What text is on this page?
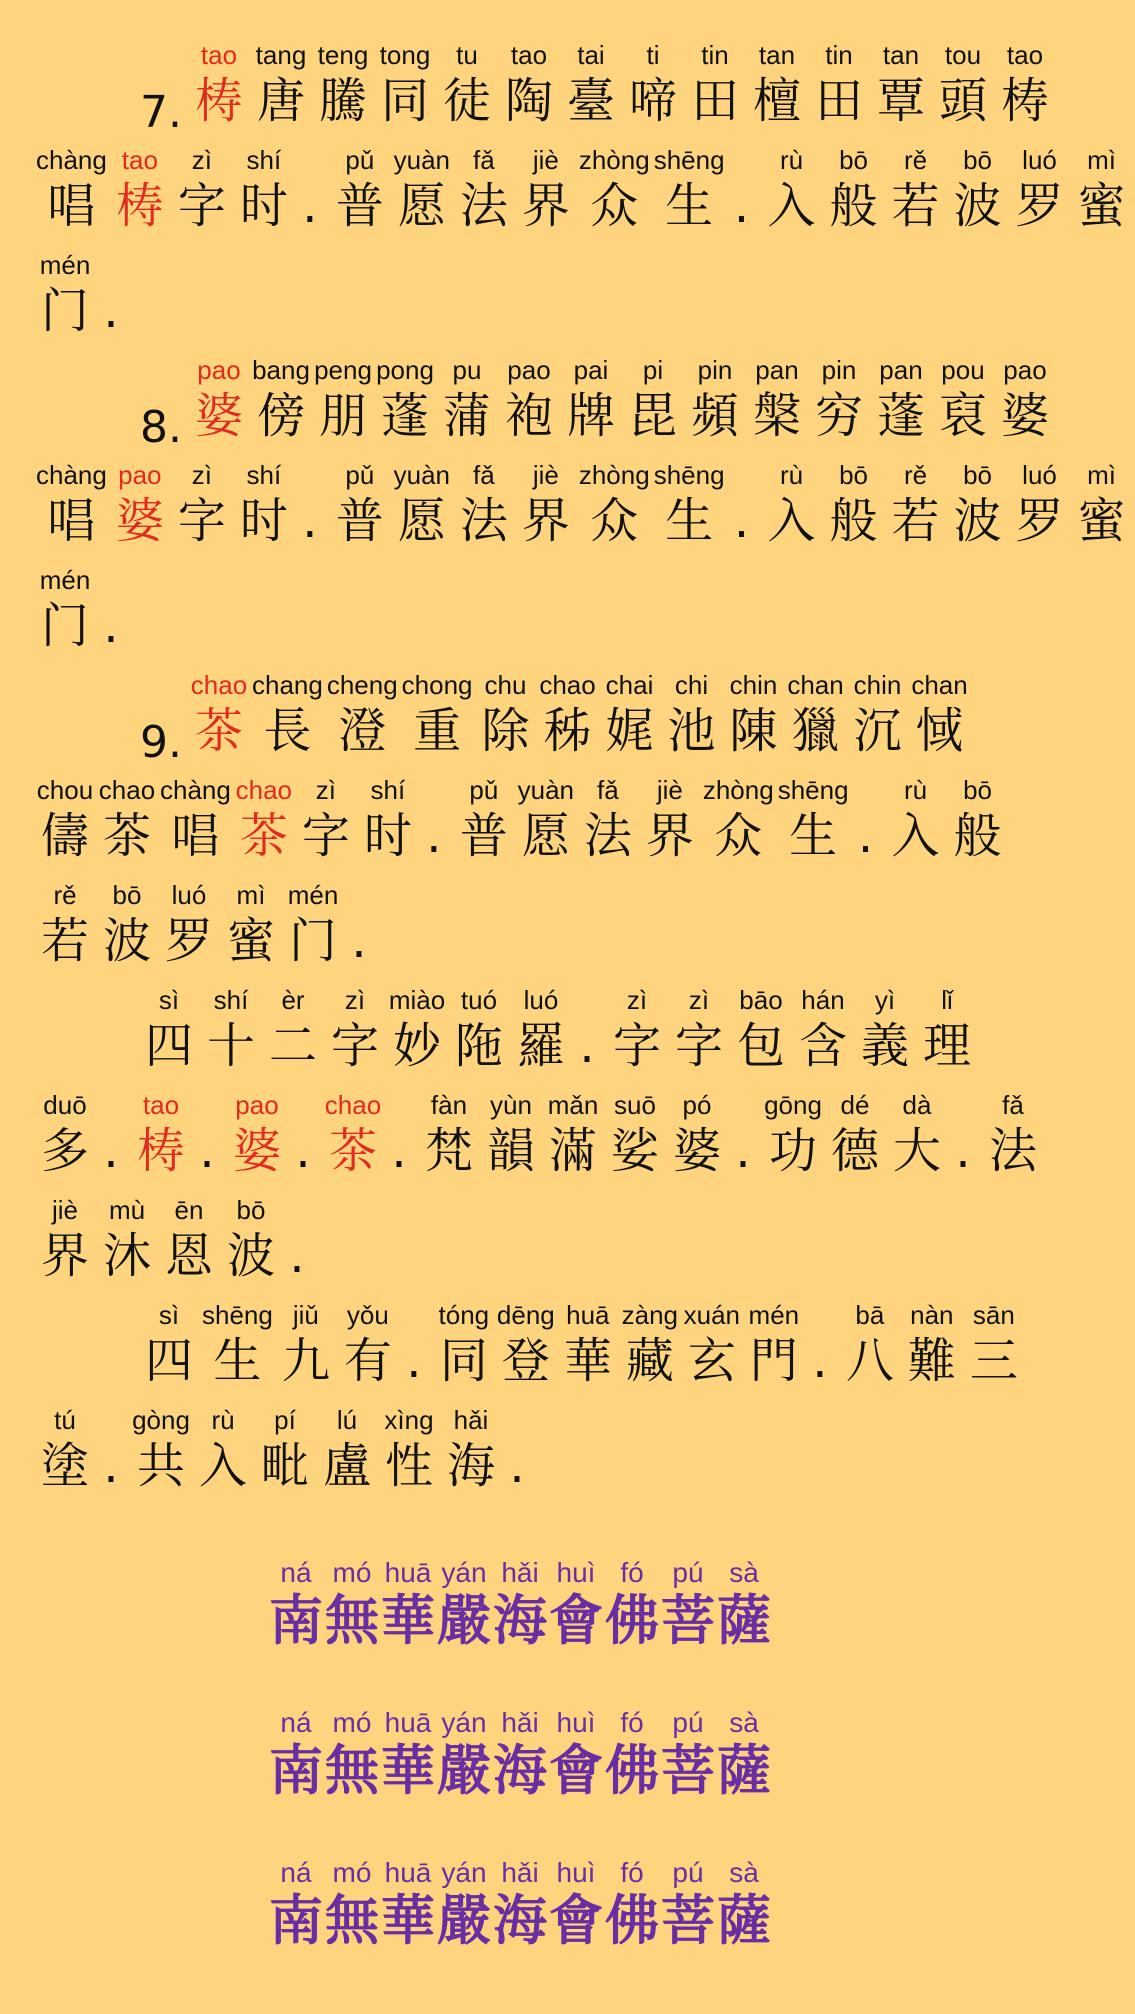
7.
tao
梼
tang
唐
teng
騰
tong
同
tu
徒
tao
陶
tai
臺
ti
啼
tin
田
tan
檀
tin
田
tan
覃
tou
頭
tao
梼
chàng
唱
tao
梼
zì
字
shí
时 .
pǔ
普
yuàn
愿
fǎ
法
jiè
界
zhòng
众
shēng
生 .
rù
入
bō
般
rě
若
bō
波
luó
罗
mì
蜜
mén
门 .
8.
pao
婆
bang
傍
peng
朋
pong
蓬
pu
蒲
pao
袍
pai
牌
pi
毘
pin
頻
pan
槃
pin
穷
pan
蓬
pou
裒
pao
婆
chàng
唱
pao
婆
zì
字
shí
时 .
pǔ
普
yuàn
愿
fǎ
法
jiè
界
zhòng
众
shēng
生 .
rù
入
bō
般
rě
若
bō
波
luó
罗
mì
蜜
mén
门 .
9.
chao
茶
chang
長
cheng
澄
chong
重
chu
除
chao
秭
chai
娓
chi
池
chin
陳
chan
獵
chin
沉
chan
惐
chou
儔
chao
茶
chàng
唱
chao
茶
zì
字
shí
时 .
pǔ
普
yuàn
愿
fǎ
法
jiè
界
zhòng
众
shēng
生 .
rù
入
bō
般
rě
若
bō
波
luó
罗
mì
蜜
mén
门 .
sì
四
shí
十
èr
二
zì
字
miào
妙
tuó
陁
luó
羅 .
zì
字
zì
字
bāo
包
hán
含
yì
義
lǐ
理
duō
多 .
tao
梼 .
pao
婆 .
chao
茶 .
fàn
梵
yùn
韻
mǎn
滿
suō
娑
pó
婆 .
gōng
功
dé
德
dà
大 .
fǎ
法
jiè
界
mù
沐
ēn
恩
bō
波 .
sì
四
shēng
生
jiǔ
九
yǒu
有 .
tóng
同
dēng
登
huā
華
zàng
藏
xuán
玄
mén
門 .
bā
八
nàn
難
sān
三
tú
塗 .
gòng
共
rù
入
pí
毗
lú
盧
xìng
性
hǎi
海 .
ná
南
mó
無
huā
華
yán
嚴
hǎi
海
huì
會
fó
佛
pú
菩
sà
薩
ná
南
mó
無
huā
華
yán
嚴
hǎi
海
huì
會
fó
佛
pú
菩
sà
薩
ná
南
mó
無
huā
華
yán
嚴
hǎi
海
huì
會
fó
佛
pú
菩
sà
薩
